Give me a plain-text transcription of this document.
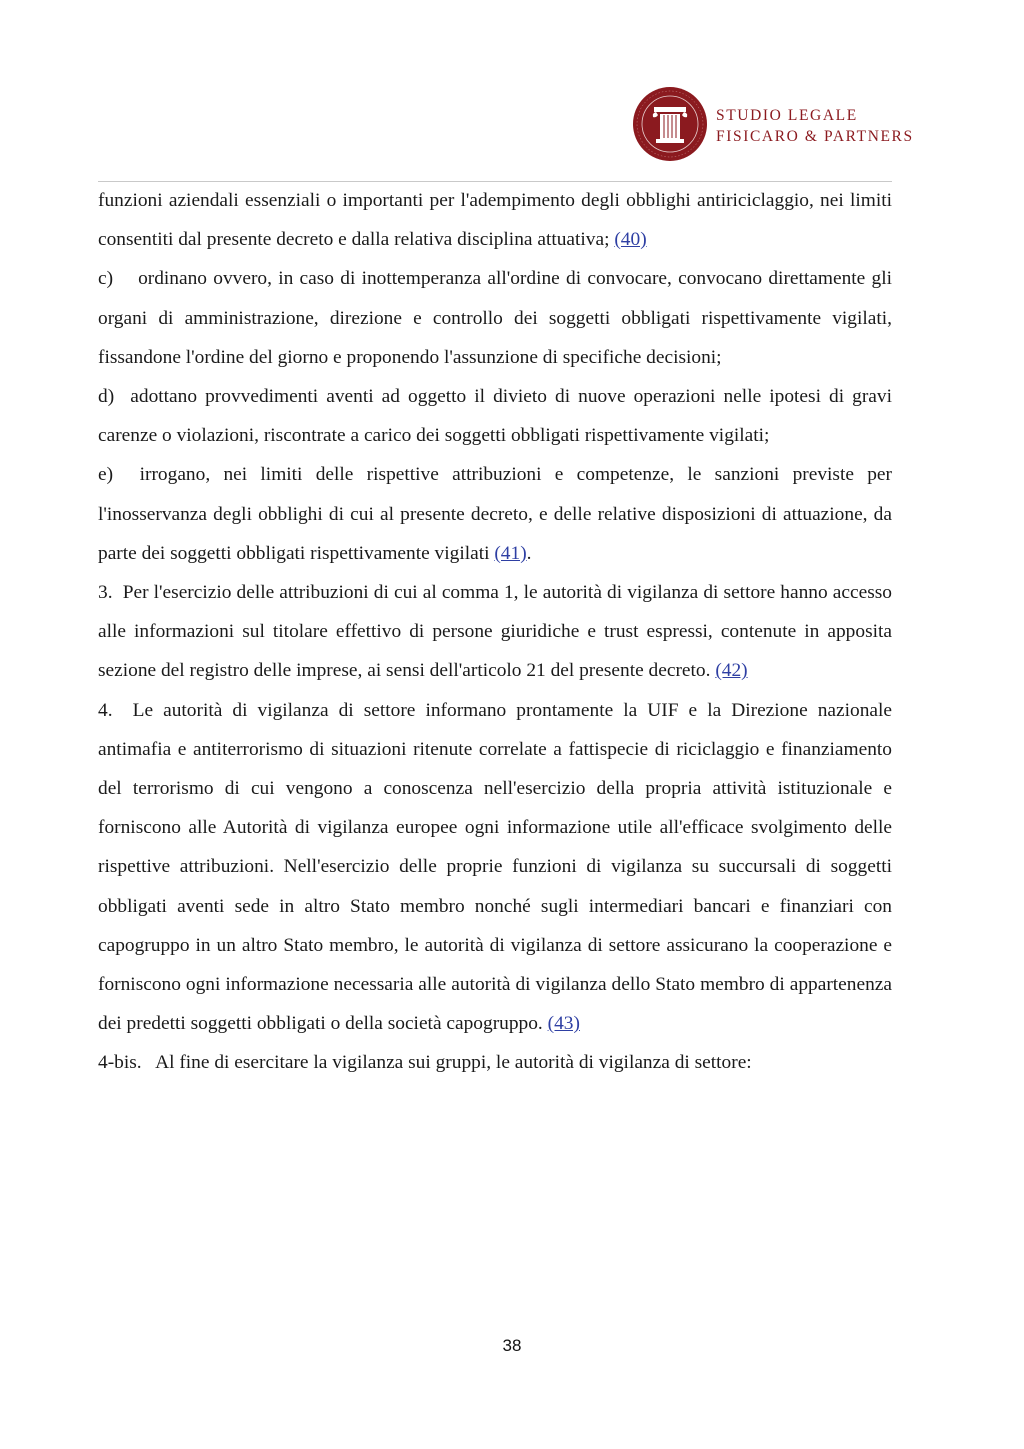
STUDIO LEGALE
FISICARO & PARTNERS

funzioni aziendali essenziali o importanti per l'adempimento degli obblighi antiriciclaggio, nei limiti consentiti dal presente decreto e dalla relativa disciplina attuativa; (40)

c)    ordinano ovvero, in caso di inottemperanza all'ordine di convocare, convocano direttamente gli organi di amministrazione, direzione e controllo dei soggetti obbligati rispettivamente vigilati, fissandone l'ordine del giorno e proponendo l'assunzione di specifiche decisioni;

d)  adottano provvedimenti aventi ad oggetto il divieto di nuove operazioni nelle ipotesi di gravi carenze o violazioni, riscontrate a carico dei soggetti obbligati rispettivamente vigilati;

e)  irrogano, nei limiti delle rispettive attribuzioni e competenze, le sanzioni previste per l'inosservanza degli obblighi di cui al presente decreto, e delle relative disposizioni di attuazione, da parte dei soggetti obbligati rispettivamente vigilati (41).

3.  Per l'esercizio delle attribuzioni di cui al comma 1, le autorità di vigilanza di settore hanno accesso alle informazioni sul titolare effettivo di persone giuridiche e trust espressi, contenute in apposita sezione del registro delle imprese, ai sensi dell'articolo 21 del presente decreto. (42)

4.  Le autorità di vigilanza di settore informano prontamente la UIF e la Direzione nazionale antimafia e antiterrorismo di situazioni ritenute correlate a fattispecie di riciclaggio e finanziamento del terrorismo di cui vengono a conoscenza nell'esercizio della propria attività istituzionale e forniscono alle Autorità di vigilanza europee ogni informazione utile all'efficace svolgimento delle rispettive attribuzioni. Nell'esercizio delle proprie funzioni di vigilanza su succursali di soggetti obbligati aventi sede in altro Stato membro nonché sugli intermediari bancari e finanziari con capogruppo in un altro Stato membro, le autorità di vigilanza di settore assicurano la cooperazione e forniscono ogni informazione necessaria alle autorità di vigilanza dello Stato membro di appartenenza dei predetti soggetti obbligati o della società capogruppo. (43)

4-bis.   Al fine di esercitare la vigilanza sui gruppi, le autorità di vigilanza di settore:

38
